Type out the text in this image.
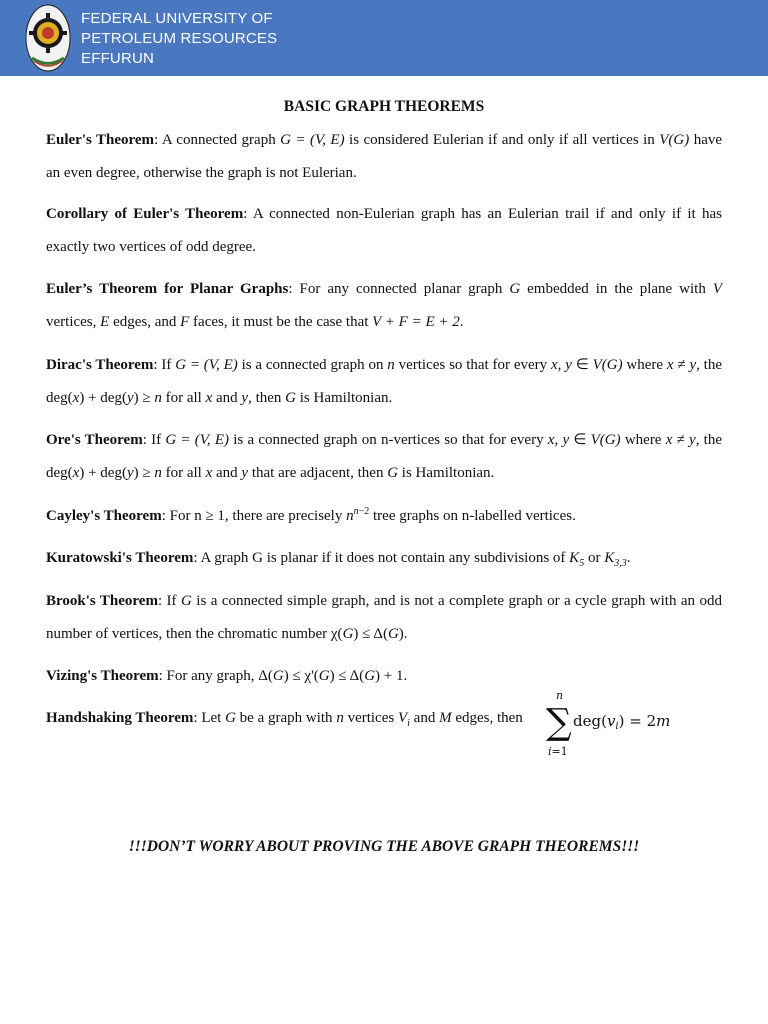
FEDERAL UNIVERSITY OF
PETROLEUM RESOURCES
EFFURUN
BASIC GRAPH THEOREMS
Euler's Theorem: A connected graph G = (V, E) is considered Eulerian if and only if all vertices in V(G) have an even degree, otherwise the graph is not Eulerian.
Corollary of Euler's Theorem: A connected non-Eulerian graph has an Eulerian trail if and only if it has exactly two vertices of odd degree.
Euler’s Theorem for Planar Graphs: For any connected planar graph G embedded in the plane with V vertices, E edges, and F faces, it must be the case that V + F = E + 2.
Dirac's Theorem: If G = (V, E) is a connected graph on n vertices so that for every x, y ∈ V(G) where x ≠ y, the deg(x) + deg(y) ≥ n for all x and y, then G is Hamiltonian.
Ore's Theorem: If G = (V, E) is a connected graph on n-vertices so that for every x, y ∈ V(G) where x ≠ y, the deg(x) + deg(y) ≥ n for all x and y that are adjacent, then G is Hamiltonian.
Cayley's Theorem: For n ≥ 1, there are precisely $n^{n-2}$ tree graphs on n-labelled vertices.
Kuratowski's Theorem: A graph G is planar if it does not contain any subdivisions of $K_5$ or $K_{3,3}$.
Brook's Theorem: If G is a connected simple graph, and is not a complete graph or a cycle graph with an odd number of vertices, then the chromatic number χ(G) ≤ Δ(G).
Vizing's Theorem: For any graph, Δ(G) ≤ χ'(G) ≤ Δ(G) + 1.
Handshaking Theorem: Let G be a graph with n vertices $V_i$ and M edges, then
n
∑
i=1
$deg(v_i) = 2m$
!!!DON’T WORRY ABOUT PROVING THE ABOVE GRAPH THEOREMS!!!
